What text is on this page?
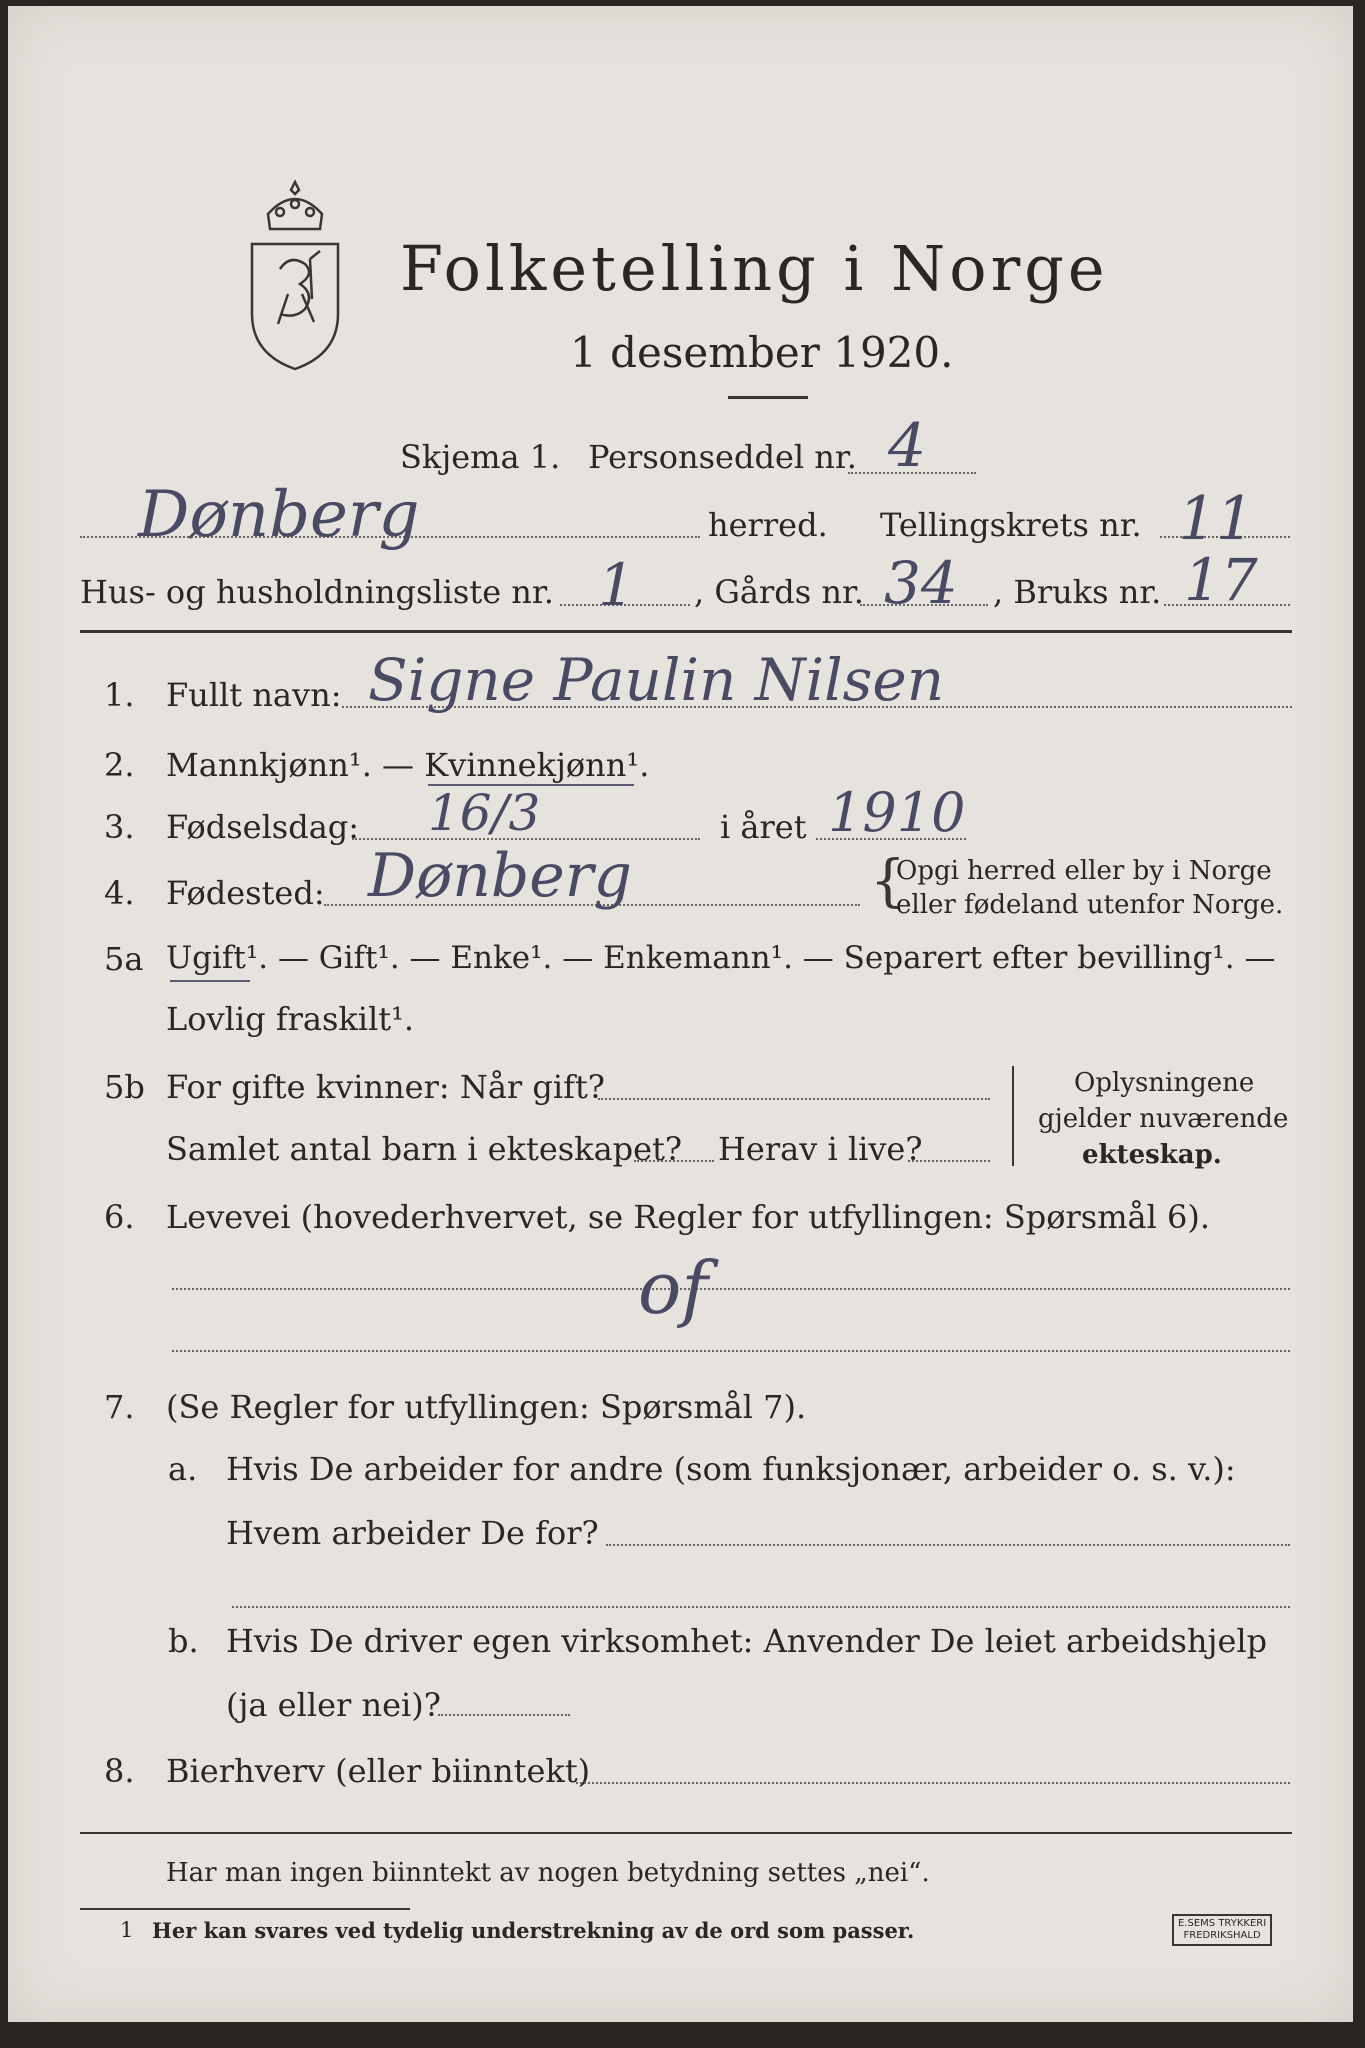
Folketelling i Norge
1 desember 1920.
Skjema 1. Personseddel nr. 4
Dønberg	herred. Tellingskrets nr. 11
Hus- og husholdningsliste nr. 1 , Gårds nr. 34 , Bruks nr. 17
1. Fullt navn: Signe Paulin Nilsen
2. Mannkjønn¹. — Kvinnekjønn¹.
3. Fødselsdag: 16/3	i året 1910
4. Fødested: Dønberg	{
Opgi herred eller by i Norge
eller fødeland utenfor Norge.
5a Ugift¹. — Gift¹. — Enke¹. — Enkemann¹. — Separert efter bevilling¹. —
Lovlig fraskilt¹.
5b For gifte kvinner: Når gift?
Samlet antal barn i ekteskapet? Herav i live?
Oplysningene
gjelder nuværende
ekteskap.
6. Levevei (hovederhvervet, se Regler for utfyllingen: Spørsmål 6).
of
7. (Se Regler for utfyllingen: Spørsmål 7).
a. Hvis De arbeider for andre (som funksjonær, arbeider o. s. v.):
Hvem arbeider De for?
b. Hvis De driver egen virksomhet: Anvender De leiet arbeidshjelp
(ja eller nei)?
8. Bierhverv (eller biinntekt)
Har man ingen biinntekt av nogen betydning settes „nei“.
1 Her kan svares ved tydelig understrekning av de ord som passer.	E.SEMS TRYKKERI
FREDRIKSHALD
